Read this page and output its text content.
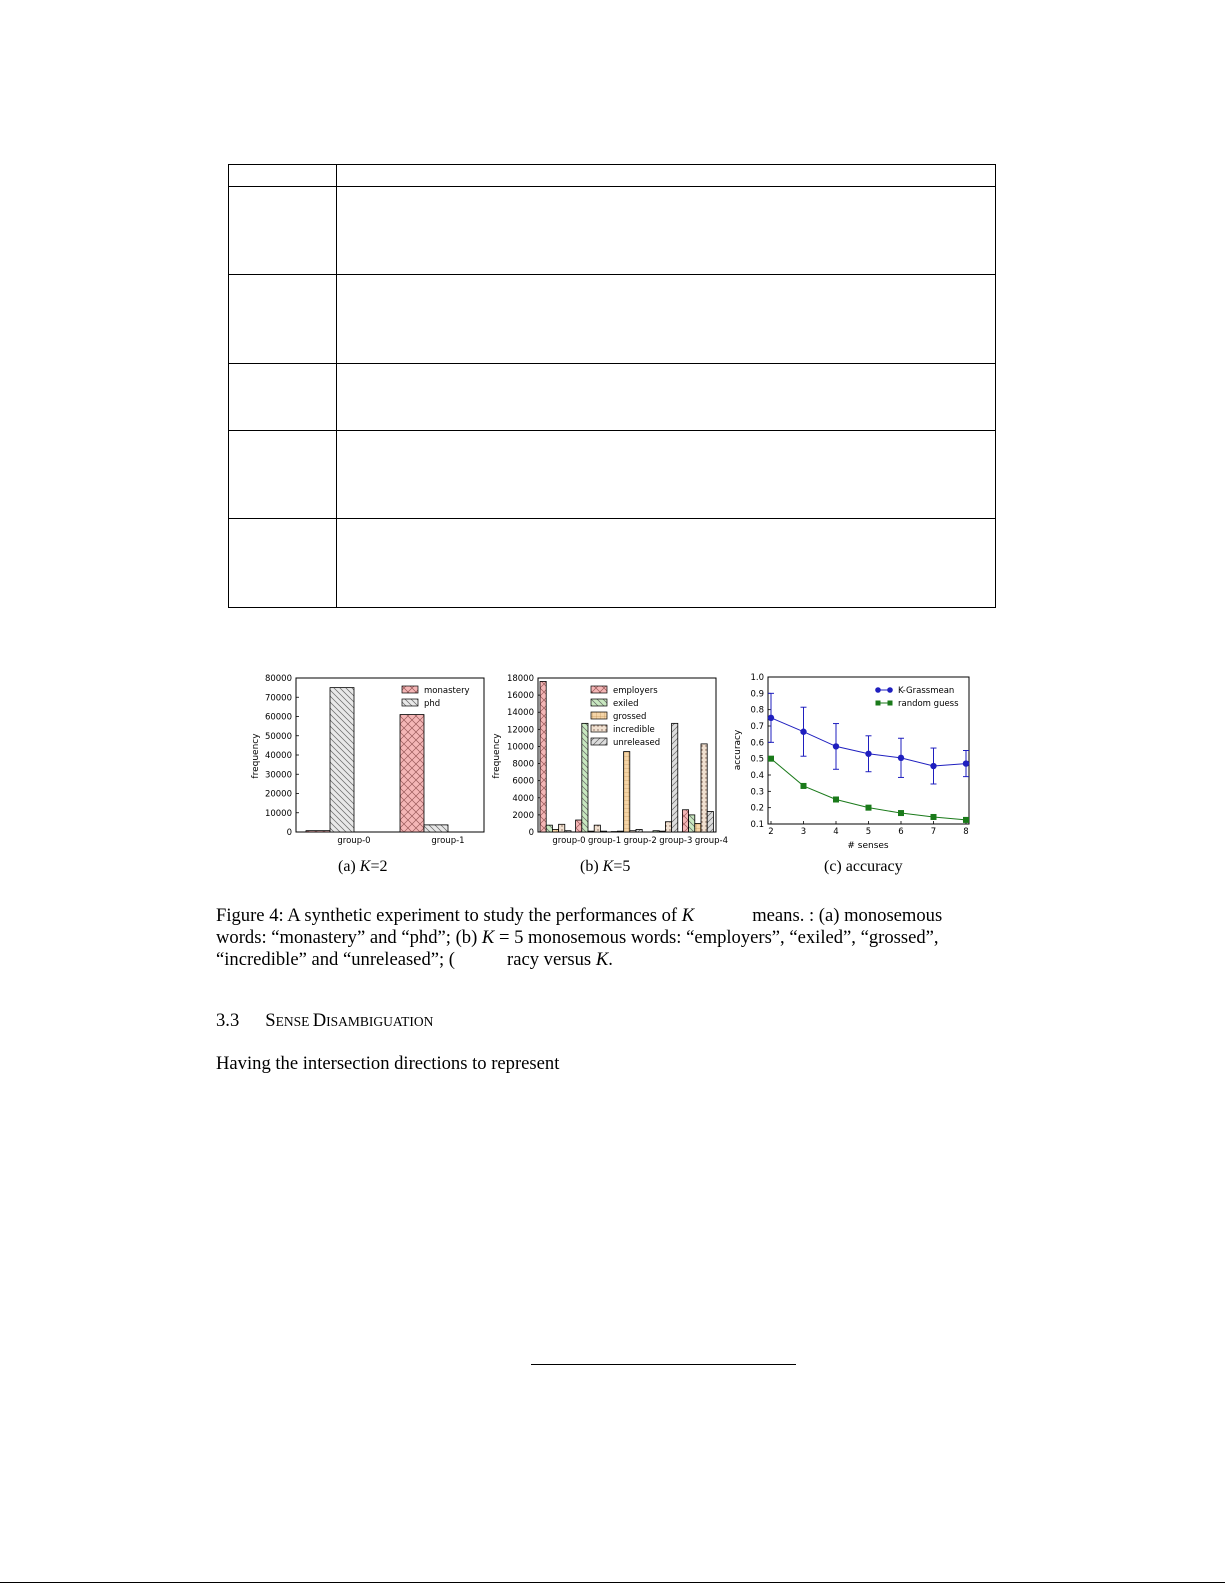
0
10000
20000
30000
40000
50000
60000
70000
80000
frequency
group-0	group-1
monastery
phd
0
2000
4000
6000
8000
10000
12000
14000
16000
18000
frequency
group-0 group-1 group-2 group-3 group-4
employers
exiled
grossed
incredible
unreleased
0.1
0.2
0.3
0.4
0.5
0.6
0.7
0.8
0.9
1.0
accuracy
2	3	4	5	6	7	8
# senses
K-Grassmean
random guess
(a) K=2	(b) K=5	(c) accuracy
Figure 4: A synthetic experiment to study the performances of K	means. : (a) monosemous
words: “monastery” and “phd”; (b) K = 5 monosemous words: “employers”, “exiled”, “grossed”,
“incredible” and “unreleased”; (	racy versus K.
3.3 SENSE DISAMBIGUATION
Having the intersection directions to represent
